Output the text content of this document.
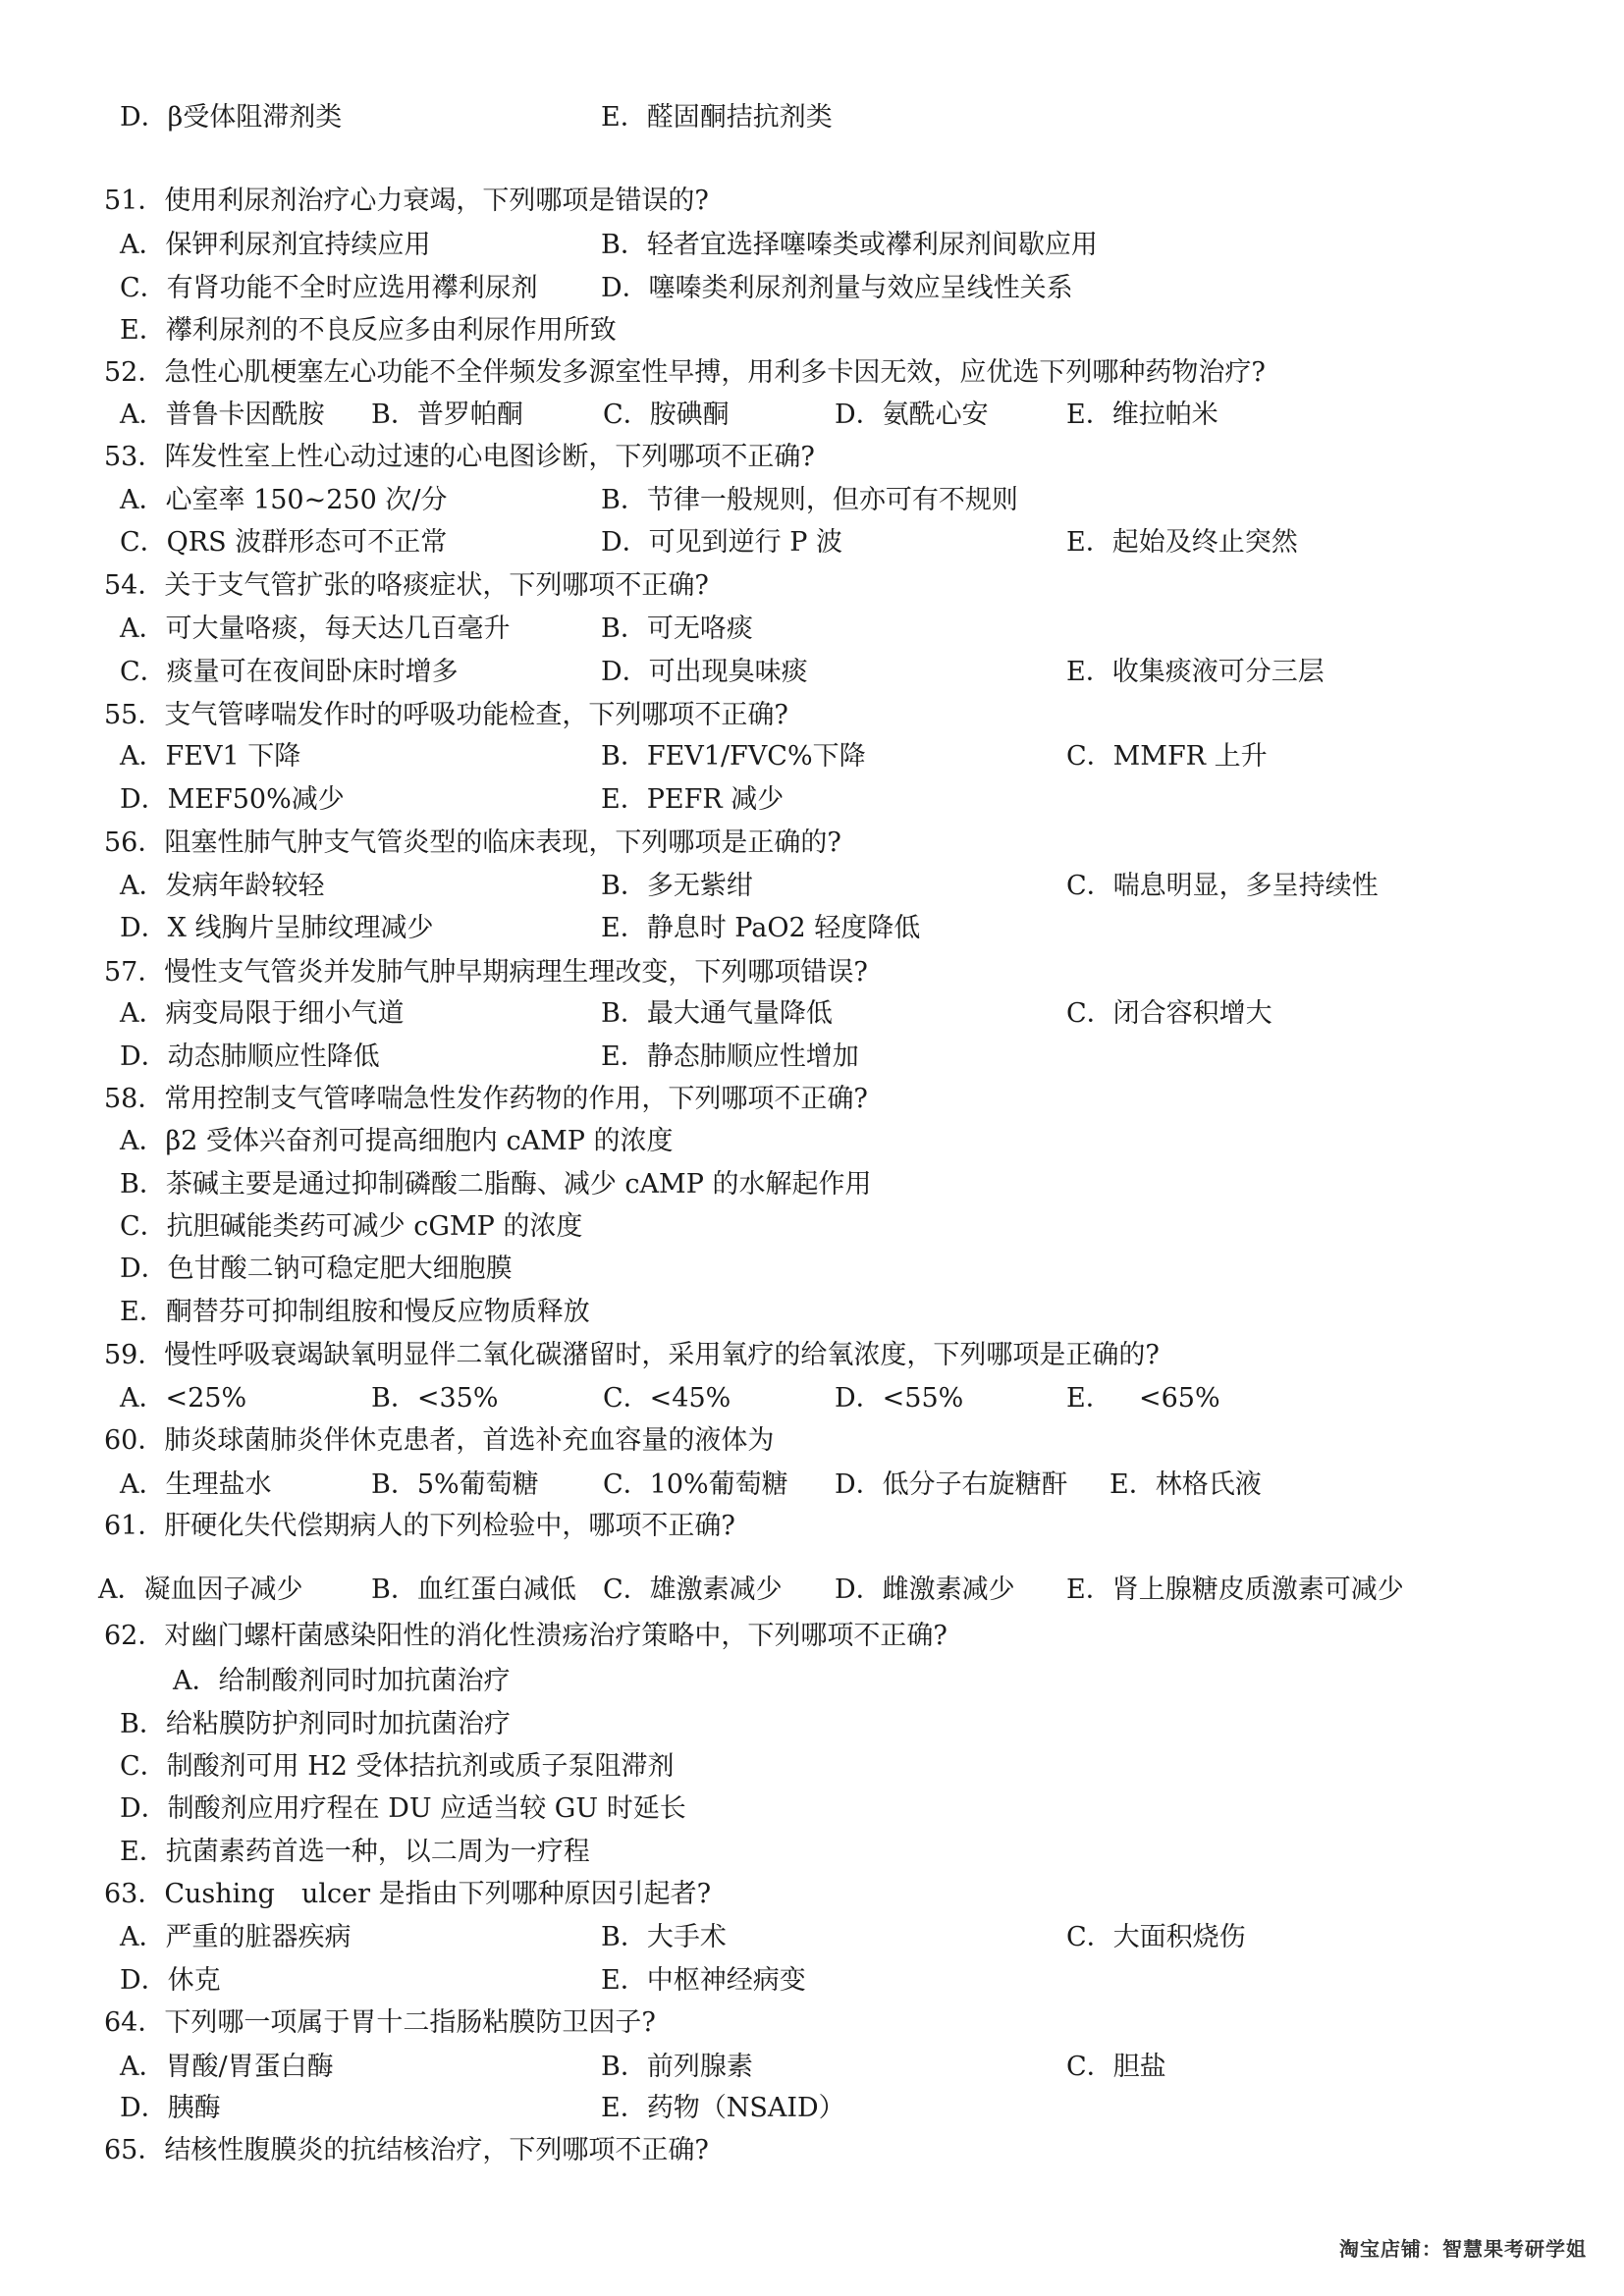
D．β受体阻滞剂类	E．醛固酮拮抗剂类
51．使用利尿剂治疗心力衰竭，下列哪项是错误的?
A．保钾利尿剂宜持续应用	B．轻者宜选择噻嗪类或襻利尿剂间歇应用
C．有肾功能不全时应选用襻利尿剂 D．噻嗪类利尿剂剂量与效应呈线性关系
E．襻利尿剂的不良反应多由利尿作用所致
52．急性心肌梗塞左心功能不全伴频发多源室性早搏，用利多卡因无效，应优选下列哪种药物治疗?
A．普鲁卡因酰胺 B．普罗帕酮	C．胺碘酮	D．氨酰心安	E．维拉帕米
53．阵发性室上性心动过速的心电图诊断，下列哪项不正确?
A．心室率 150~250 次/分	B．节律一般规则，但亦可有不规则
C．QRS 波群形态可不正常	D．可见到逆行 P 波	E．起始及终止突然
54．关于支气管扩张的咯痰症状，下列哪项不正确?
A．可大量咯痰，每天达几百毫升	B．可无咯痰
C．痰量可在夜间卧床时增多	D．可出现臭味痰	E．收集痰液可分三层
55．支气管哮喘发作时的呼吸功能检查，下列哪项不正确?
A．FEV1 下降	B．FEV1/FVC%下降	C．MMFR 上升
D．MEF50%减少	E．PEFR 减少
56．阻塞性肺气肿支气管炎型的临床表现，下列哪项是正确的?
A．发病年龄较轻	B．多无紫绀	C．喘息明显，多呈持续性
D．X 线胸片呈肺纹理减少	E．静息时 PaO2 轻度降低
57．慢性支气管炎并发肺气肿早期病理生理改变，下列哪项错误?
A．病变局限于细小气道	B．最大通气量降低	C．闭合容积增大
D．动态肺顺应性降低	E．静态肺顺应性增加
58．常用控制支气管哮喘急性发作药物的作用，下列哪项不正确?
A．β2 受体兴奋剂可提高细胞内 cAMP 的浓度
B．茶碱主要是通过抑制磷酸二脂酶、减少 cAMP 的水解起作用
C．抗胆碱能类药可减少 cGMP 的浓度
D．色甘酸二钠可稳定肥大细胞膜
E．酮替芬可抑制组胺和慢反应物质释放
59．慢性呼吸衰竭缺氧明显伴二氧化碳潴留时，采用氧疗的给氧浓度，下列哪项是正确的?
A．<25%	B．<35%	C．<45%	D．<55%	E． <65%
60．肺炎球菌肺炎伴休克患者，首选补充血容量的液体为
A．生理盐水	B．5%葡萄糖 C．10%葡萄糖 D．低分子右旋糖酐 E．林格氏液
61．肝硬化失代偿期病人的下列检验中，哪项不正确?
A．凝血因子减少	B．血红蛋白减低 C．雄激素减少 D．雌激素减少 E．肾上腺糖皮质激素可减少
62．对幽门螺杆菌感染阳性的消化性溃疡治疗策略中，下列哪项不正确?
A．给制酸剂同时加抗菌治疗
B．给粘膜防护剂同时加抗菌治疗
C．制酸剂可用 H2 受体拮抗剂或质子泵阻滞剂
D．制酸剂应用疗程在 DU 应适当较 GU 时延长
E．抗菌素药首选一种，以二周为一疗程
63．Cushing　ulcer 是指由下列哪种原因引起者?
A．严重的脏器疾病	B．大手术	C．大面积烧伤
D．休克	E．中枢神经病变
64．下列哪一项属于胃十二指肠粘膜防卫因子?
A．胃酸/胃蛋白酶	B．前列腺素	C．胆盐
D．胰酶	E．药物（NSAID）
65．结核性腹膜炎的抗结核治疗，下列哪项不正确?
淘宝店铺：智慧果考研学姐
